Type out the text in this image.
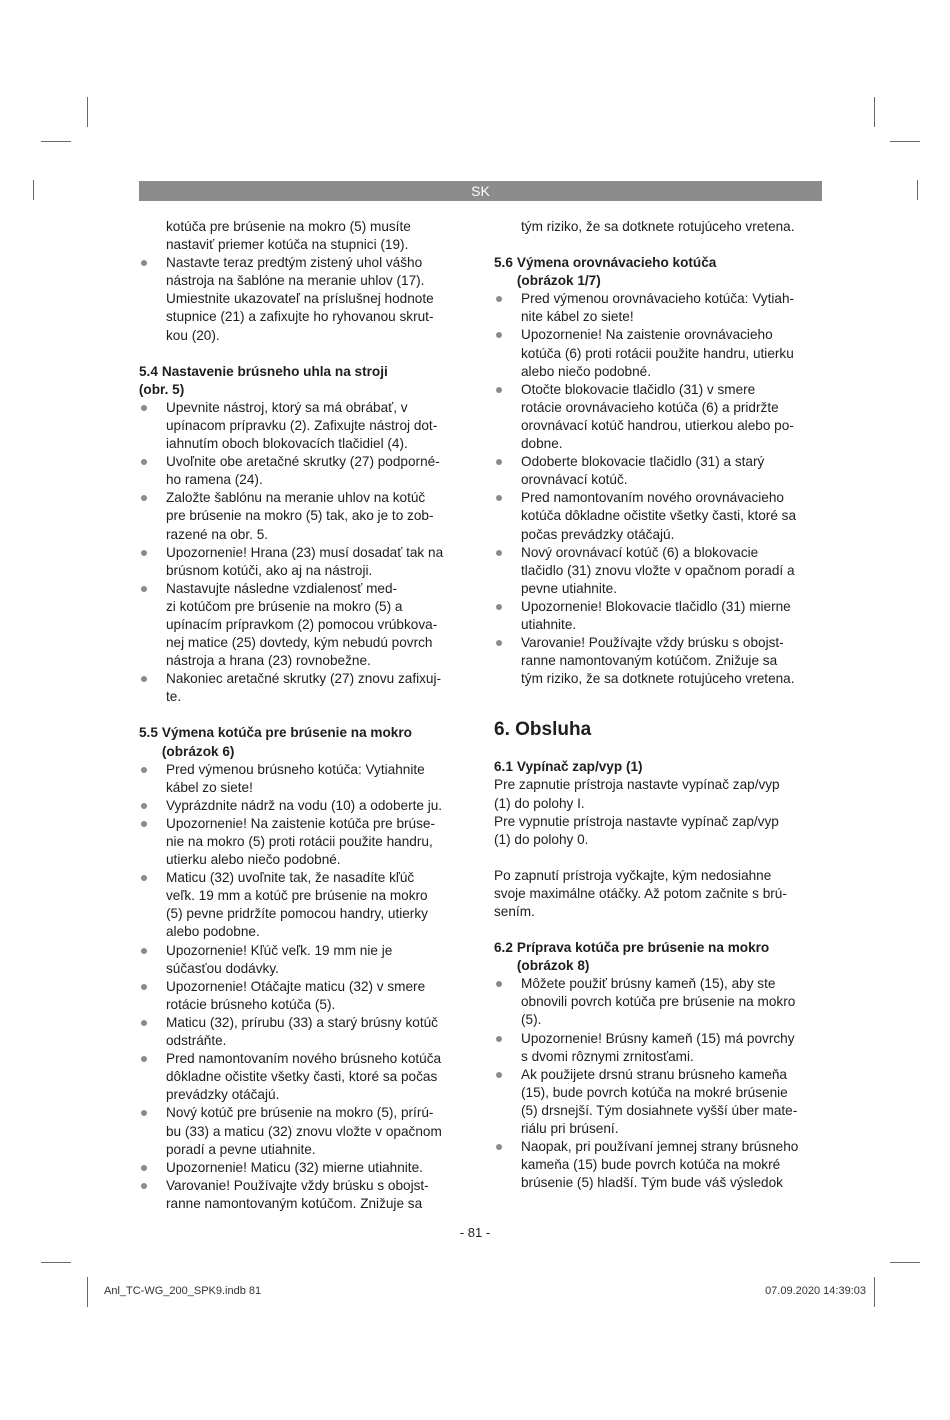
SK

kotúča pre brúsenie na mokro (5) musíte
nastaviť priemer kotúča na stupnici (19).

Nastavte teraz predtým zistený uhol vášho
nástroja na šablóne na meranie uhlov (17).
Umiestnite ukazovateľ na príslušnej hodnote
stupnice (21) a zafixujte ho ryhovanou skrut-
kou (20).
5.4 Nastavenie brúsneho uhla na stroji
(obr. 5)
Upevnite nástroj, ktorý sa má obrábať, v
upínacom prípravku (2). Zafixujte nástroj dot-
iahnutím oboch blokovacích tlačidiel (4).
Uvoľnite obe aretačné skrutky (27) podporné-
ho ramena (24).
Založte šablónu na meranie uhlov na kotúč
pre brúsenie na mokro (5) tak, ako je to zob-
razené na obr. 5.
Upozornenie! Hrana (23) musí dosadať tak na
brúsnom kotúči, ako aj na nástroji.
Nastavujte následne vzdialenosť med-
zi kotúčom pre brúsenie na mokro (5) a
upínacím prípravkom (2) pomocou vrúbkova-
nej matice (25) dovtedy, kým nebudú povrch
nástroja a hrana (23) rovnobežne.
Nakoniec aretačné skrutky (27) znovu zafixuj-
te.
5.5 Výmena kotúča pre brúsenie na mokro
(obrázok 6)
Pred výmenou brúsneho kotúča: Vytiahnite
kábel zo siete!
Vyprázdnite nádrž na vodu (10) a odoberte ju.
Upozornenie! Na zaistenie kotúča pre brúse-
nie na mokro (5) proti rotácii použite handru,
utierku alebo niečo podobné.
Maticu (32) uvoľnite tak, že nasadíte kľúč
veľk. 19 mm a kotúč pre brúsenie na mokro
(5) pevne pridržíte pomocou handry, utierky
alebo podobne.
Upozornenie! Kľúč veľk. 19 mm nie je
súčasťou dodávky.
Upozornenie! Otáčajte maticu (32) v smere
rotácie brúsneho kotúča (5).
Maticu (32), prírubu (33) a starý brúsny kotúč
odstráňte.
Pred namontovaním nového brúsneho kotúča
dôkladne očistite všetky časti, ktoré sa počas
prevádzky otáčajú.
Nový kotúč pre brúsenie na mokro (5), prírú-
bu (33) a maticu (32) znovu vložte v opačnom
poradí a pevne utiahnite.
Upozornenie! Maticu (32) mierne utiahnite.
Varovanie! Používajte vždy brúsku s obojst-
ranne namontovaným kotúčom. Znižuje sa

tým riziko, že sa dotknete rotujúceho vretena.

5.6 Výmena orovnávacieho kotúča
(obrázok 1/7)
Pred výmenou orovnávacieho kotúča: Vytiah-
nite kábel zo siete!
Upozornenie! Na zaistenie orovnávacieho
kotúča (6) proti rotácii použite handru, utierku
alebo niečo podobné.
Otočte blokovacie tlačidlo (31) v smere
rotácie orovnávacieho kotúča (6) a pridržte
orovnávací kotúč handrou, utierkou alebo po-
dobne.
Odoberte blokovacie tlačidlo (31) a starý
orovnávací kotúč.
Pred namontovaním nového orovnávacieho
kotúča dôkladne očistite všetky časti, ktoré sa
počas prevádzky otáčajú.
Nový orovnávací kotúč (6) a blokovacie
tlačidlo (31) znovu vložte v opačnom poradí a
pevne utiahnite.
Upozornenie! Blokovacie tlačidlo (31) mierne
utiahnite.
Varovanie! Používajte vždy brúsku s obojst-
ranne namontovaným kotúčom. Znižuje sa
tým riziko, že sa dotknete rotujúceho vretena.

6. Obsluha

6.1 Vypínač zap/vyp (1)

Pre zapnutie prístroja nastavte vypínač zap/vyp
(1) do polohy I.
Pre vypnutie prístroja nastavte vypínač zap/vyp
(1) do polohy 0.

Po zapnutí prístroja vyčkajte, kým nedosiahne
svoje maximálne otáčky. Až potom začnite s brú-
sením.

6.2 Príprava kotúča pre brúsenie na mokro
(obrázok 8)
Môžete použiť brúsny kameň (15), aby ste
obnovili povrch kotúča pre brúsenie na mokro
(5).
Upozornenie! Brúsny kameň (15) má povrchy
s dvomi rôznymi zrnitosťami.
Ak použijete drsnú stranu brúsneho kameňa
(15), bude povrch kotúča na mokré brúsenie
(5) drsnejší. Tým dosiahnete vyšší úber mate-
riálu pri brúsení.
Naopak, pri používaní jemnej strany brúsneho
kameňa (15) bude povrch kotúča na mokré
brúsenie (5) hladší. Tým bude váš výsledok
- 81 -
Anl_TC-WG_200_SPK9.indb 81	07.09.2020 14:39:03
